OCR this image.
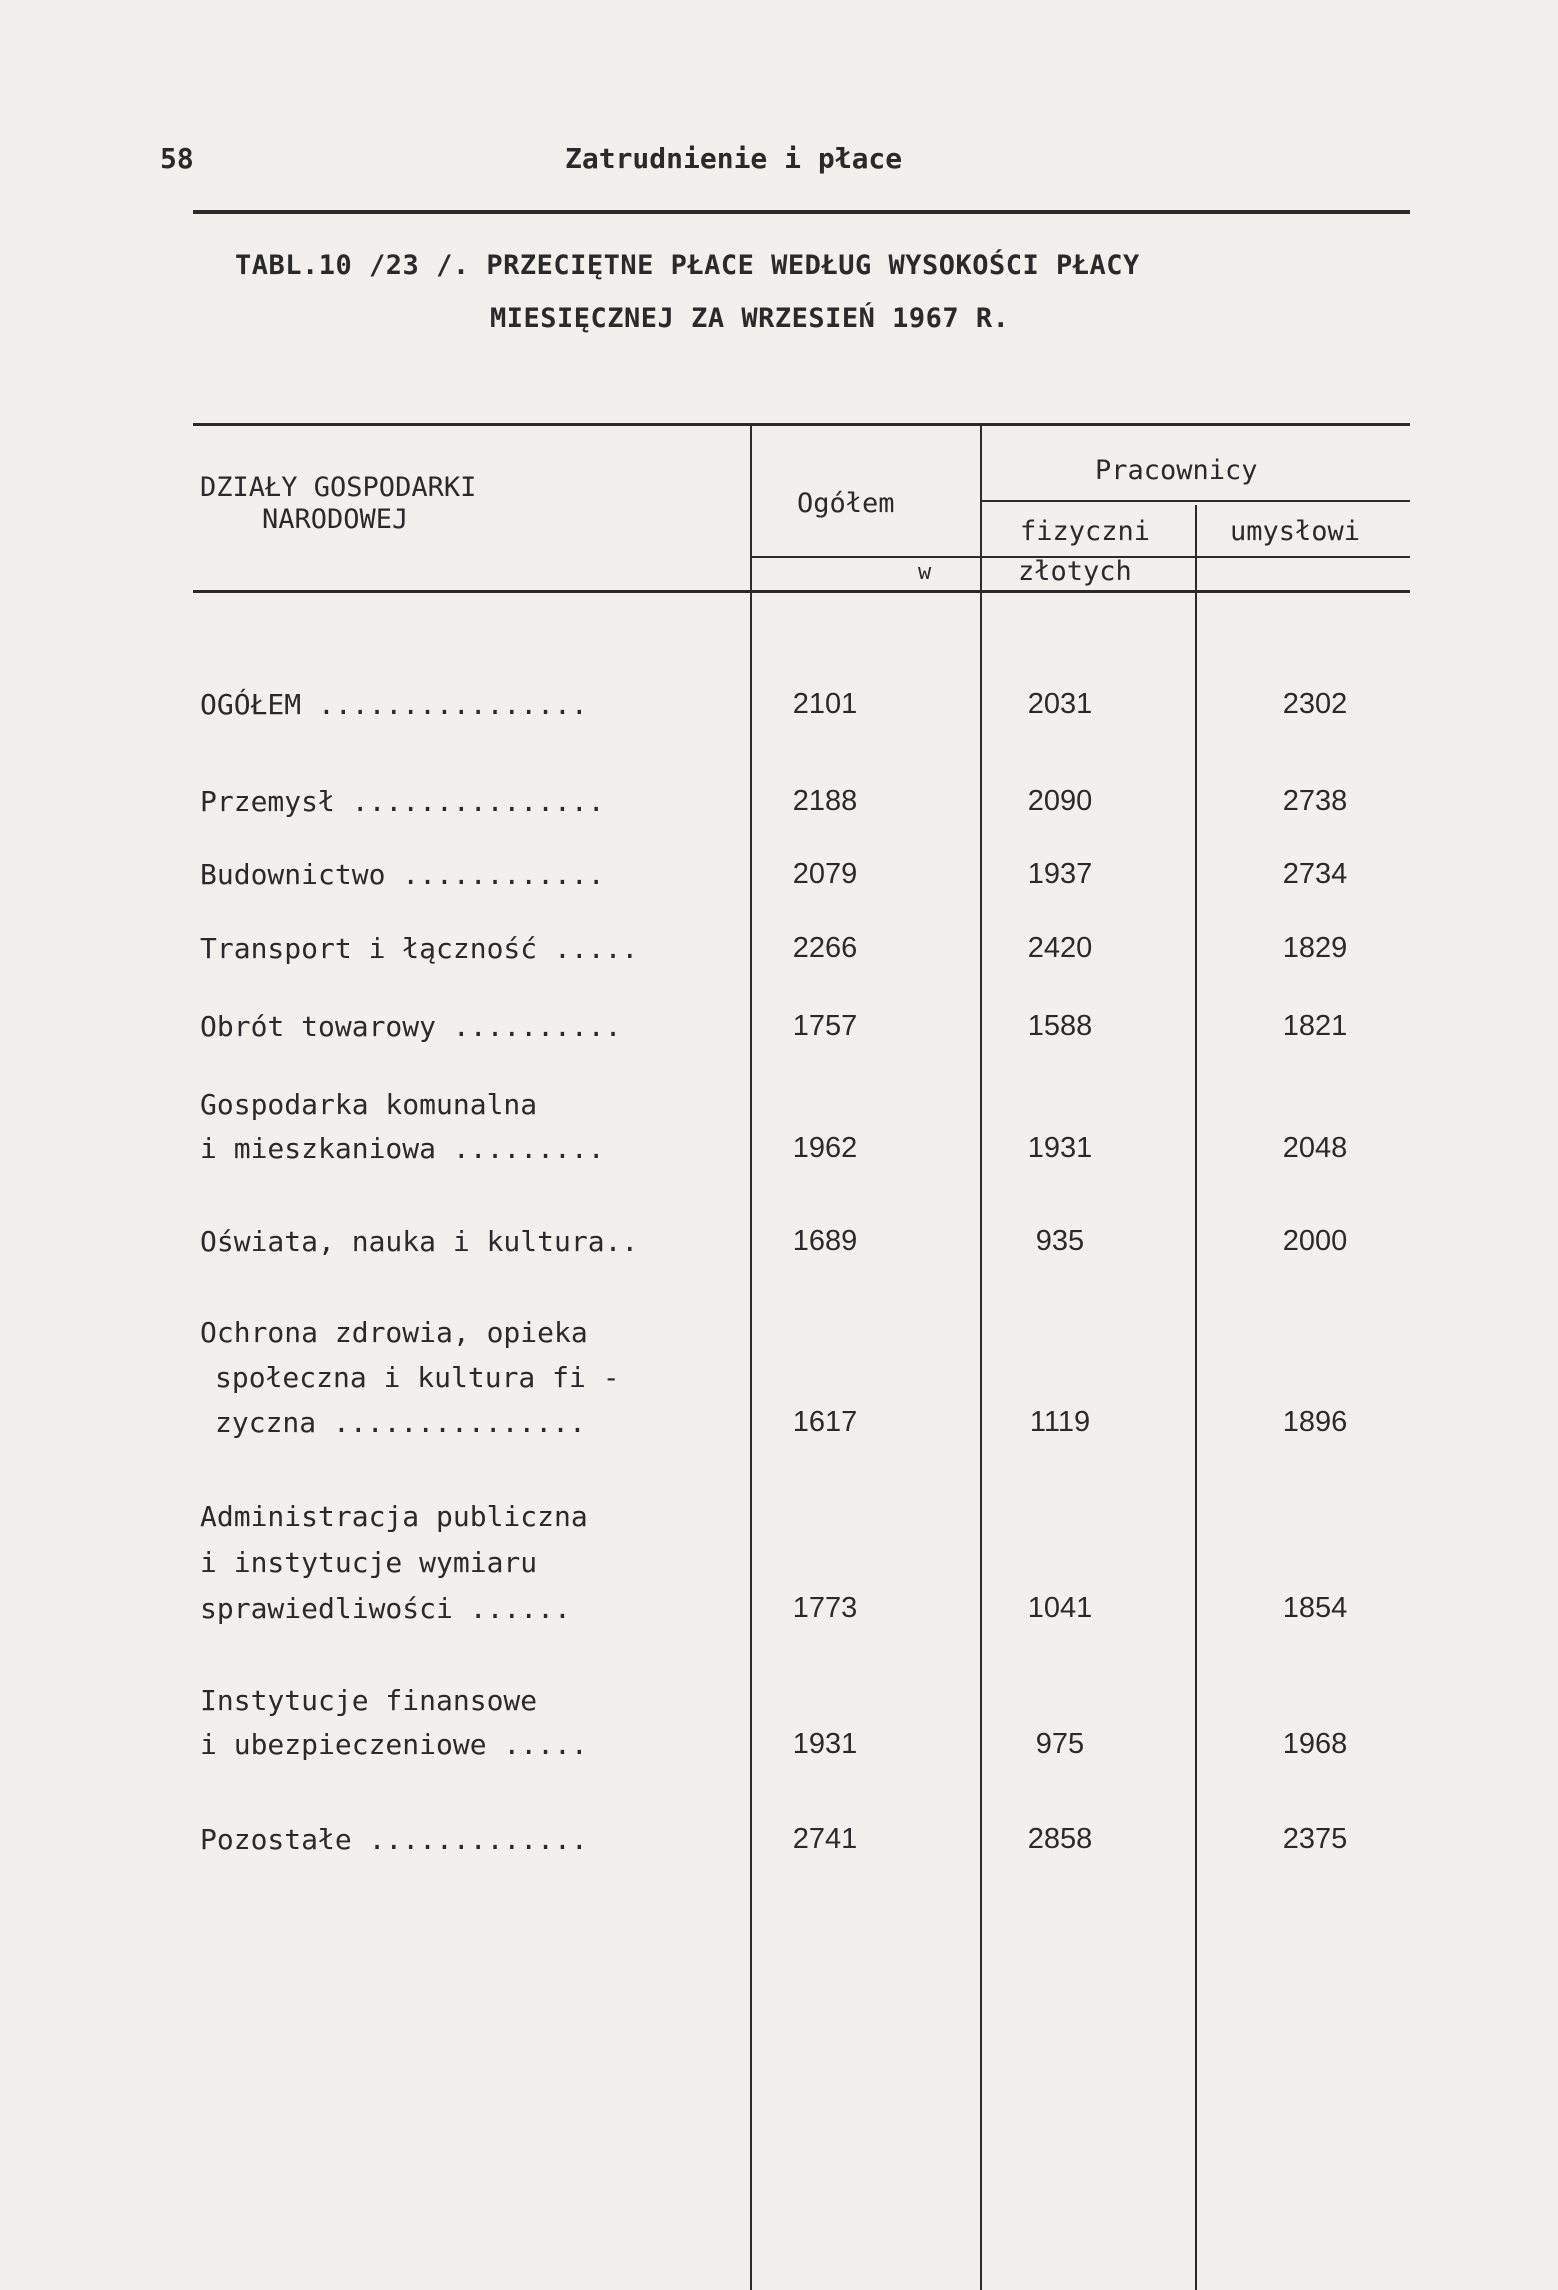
58	Zatrudnienie i płace
TABL.10 /23 /. PRZECIĘTNE PŁACE WEDŁUG WYSOKOŚCI PŁACY
MIESIĘCZNEJ ZA WRZESIEŃ 1967 R.
DZIAŁY GOSPODARKI
NARODOWEJ
Ogółem
Pracownicy
fizyczni	umysłowi
w	złotych
OGÓŁEM ................	2101	2031	2302
Przemysł ...............	2188	2090	2738
Budownictwo ............	2079	1937	2734
Transport i łączność .....	2266	2420	1829
Obrót towarowy ..........	1757	1588	1821
Gospodarka komunalna
i mieszkaniowa .........	1962	1931	2048
Oświata, nauka i kultura..	1689	935	2000
Ochrona zdrowia, opieka
społeczna i kultura fi -
zyczna ...............	1617	1119	1896
Administracja publiczna
i instytucje wymiaru
sprawiedliwości ......	1773	1041	1854
Instytucje finansowe
i ubezpieczeniowe .....	1931	975	1968
Pozostałe .............	2741	2858	2375
